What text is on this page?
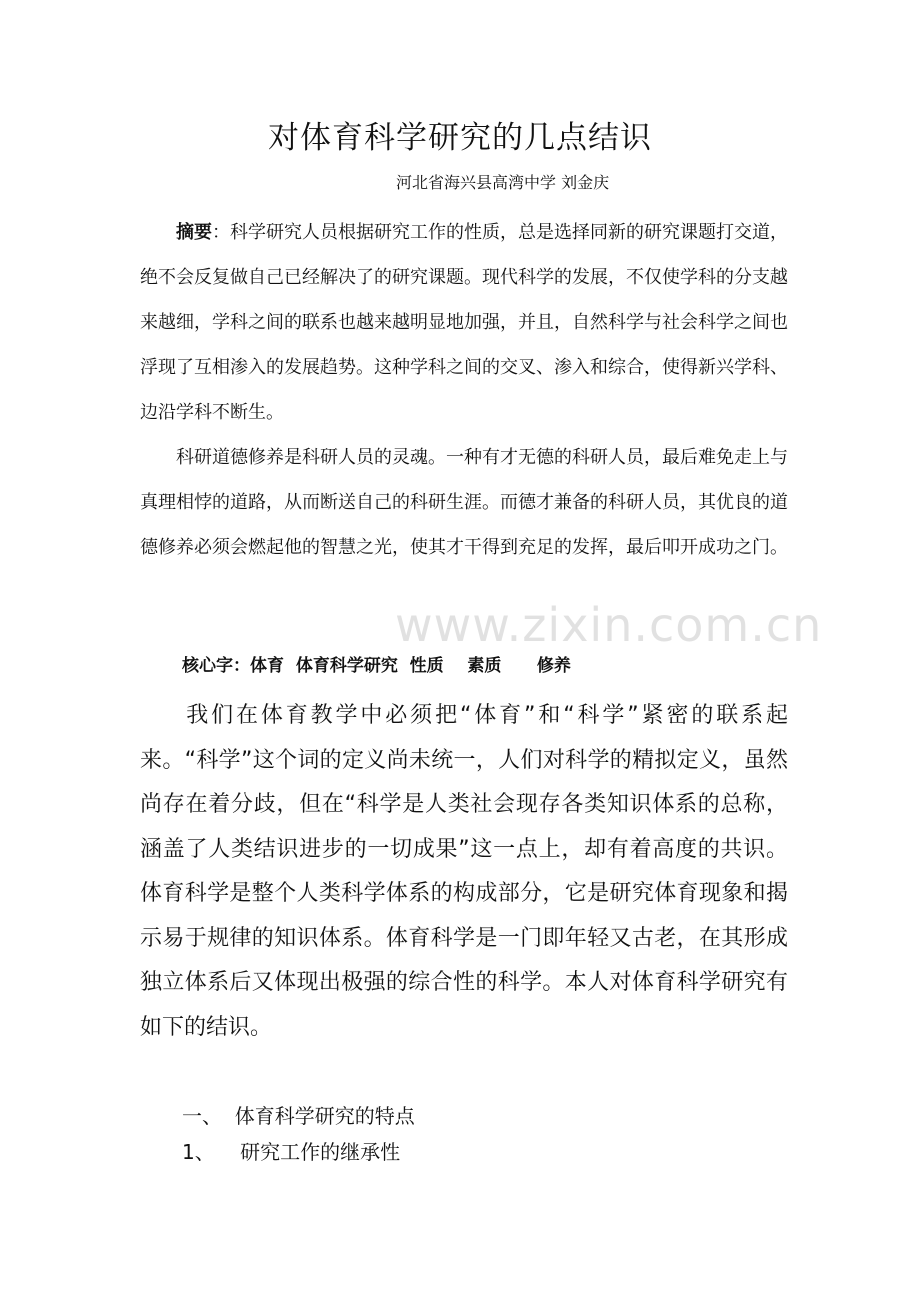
对体育科学研究的几点结识
河北省海兴县高湾中学 刘金庆

摘要：科学研究人员根据研究工作的性质，总是选择同新的研究课题打交道，绝不会反复做自己已经解决了的研究课题。现代科学的发展，不仅使学科的分支越来越细，学科之间的联系也越来越明显地加强，并且，自然科学与社会科学之间也浮现了互相渗入的发展趋势。这种学科之间的交叉、渗入和综合，使得新兴学科、边沿学科不断生。

科研道德修养是科研人员的灵魂。一种有才无德的科研人员，最后难免走上与真理相悖的道路，从而断送自己的科研生涯。而德才兼备的科研人员，其优良的道德修养必须会燃起他的智慧之光，使其才干得到充足的发挥，最后叩开成功之门。

www.zixin.com.cn
核心字：体育  体育科学研究  性质    素质      修养

我们在体育教学中必须把“体育”和“科学”紧密的联系起来。“科学”这个词的定义尚未统一，人们对科学的精拟定义，虽然尚存在着分歧，但在“科学是人类社会现存各类知识体系的总称，涵盖了人类结识进步的一切成果”这一点上，却有着高度的共识。体育科学是整个人类科学体系的构成部分，它是研究体育现象和揭示易于规律的知识体系。体育科学是一门即年轻又古老，在其形成独立体系后又体现出极强的综合性的科学。本人对体育科学研究有如下的结识。

一、  体育科学研究的特点
1、    研究工作的继承性
